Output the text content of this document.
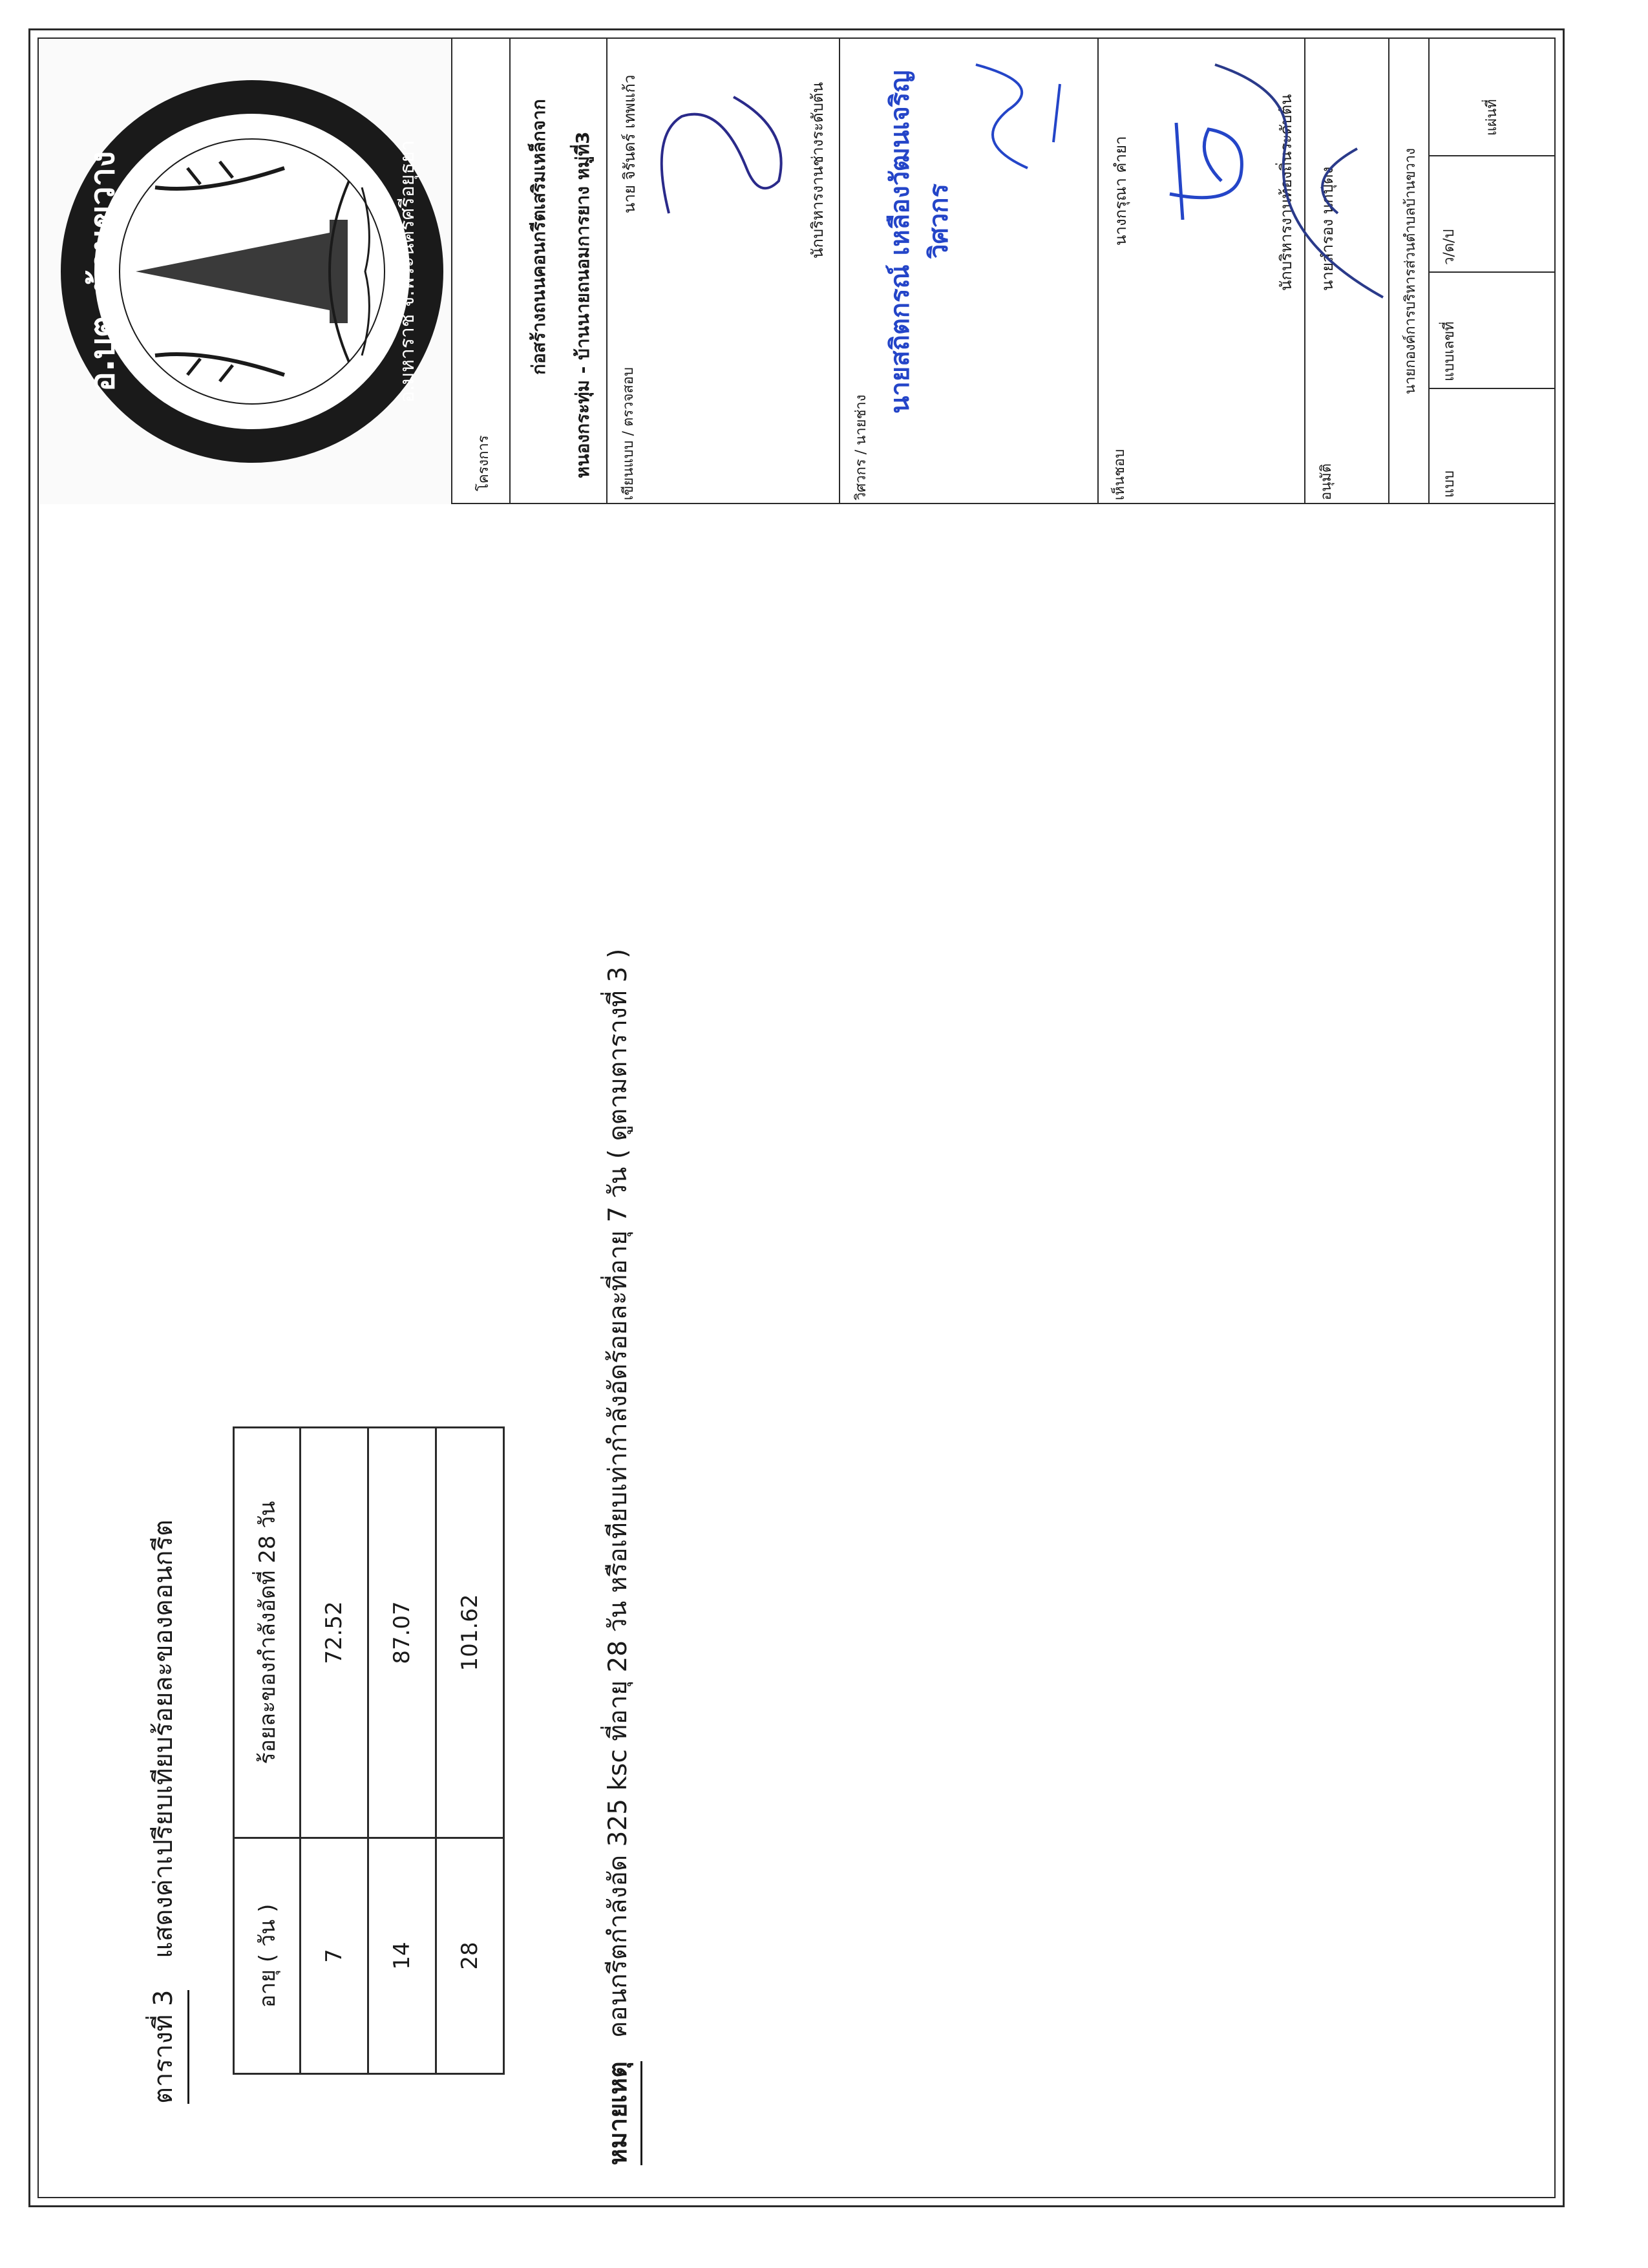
ตารางที่ 3 แสดงค่าเปรียบเทียบร้อยละของคอนกรีต	อายุ ( วัน )	ร้อยละของกำลังอัดที่ 28 วัน
7	72.52
14	87.07
28	101.62
หมายเหตุ คอนกรีตกำลังอัด 325 ksc ที่อายุ 28 วัน หรือเทียบเท่ากำลังอัดร้อยละที่อายุ 7 วัน ( ดูตามตารางที่ 3 )
อ.บต. บ้านขวาง	อ.มหาราช จ.พระนครศรีอยุธยา
โครงการ
ก่อสร้างถนนคอนกรีตเสริมเหล็กจาก หนองกระทุ่ม - บ้านนายถนอมการยาง หมู่ที่3 เขียนแบบ / ตรวจสอบ
นาย จิรันดร์ เทพแก้ว	นักบริหารงานช่างระดับต้น
วิศวกร / นายช่าง
นายสถิตกรณ์ เหลืองวัฒนเจริญ วิศวกร
เห็นชอบ
นางกรุณา คำยา	นักบริหารงานท้องถิ่นระดับต้น
อนุมัติ
นายสำรอง นกปุ่ดง	นายกองค์การบริหารส่วนตำบลบ้านขวาง
แบบ
แบบเลขที่
ว/ด/ป
แผ่นที่
